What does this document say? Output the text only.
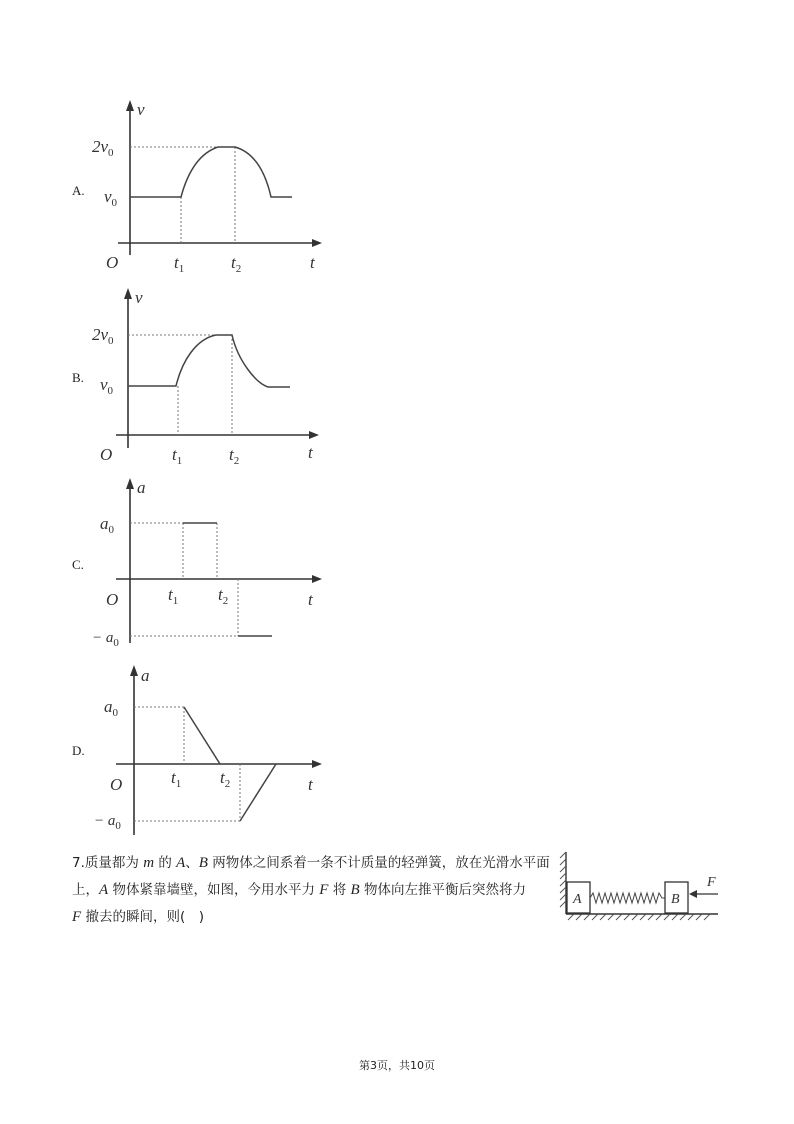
A.
v
O	t
$t_1$	$t_2$
$2v_0$
$v_0$
B.
v
O	t
$t_1$	$t_2$
$2v_0$
$v_0$
C.
a
O	t
$t_1$ $t_2$
$a_0$
− $a_0$
D.
a
O	t
$t_1$ $t_2$
$a_0$
− $a_0$
7.质量都为 m 的 A、B 两物体之间系着一条不计质量的轻弹簧，放在光滑水平面上，A 物体紧靠墙壁，如图，今用水平力 F 将 B 物体向左推平衡后突然将力
F 撤去的瞬间，则(　)
A	B
F
第3页，共10页
